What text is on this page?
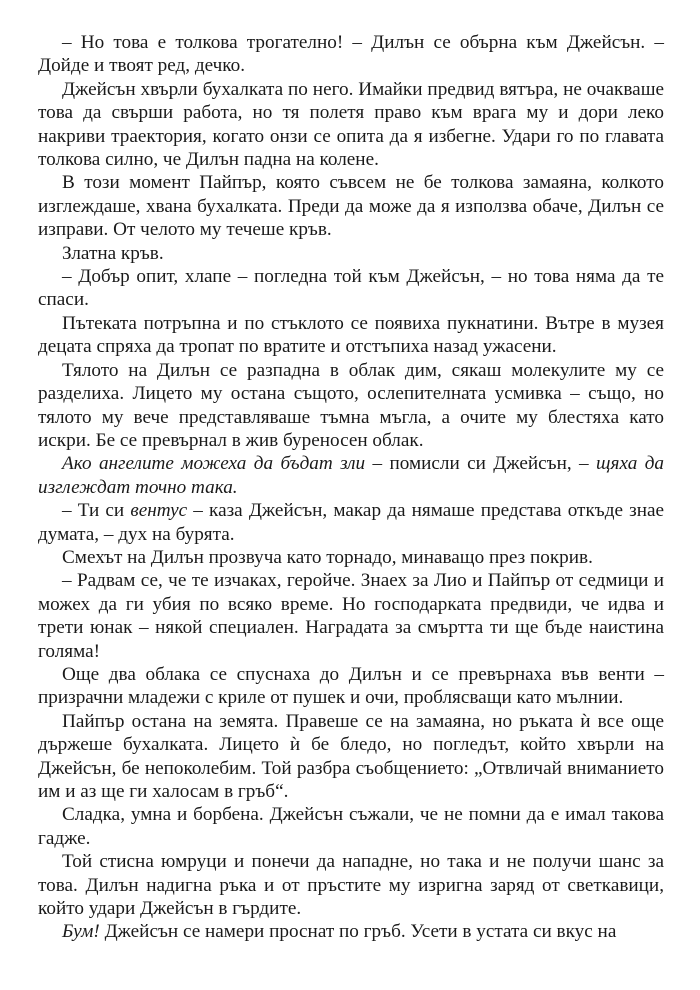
– Но това е толкова трогателно! – Дилън се обърна към Джейсън. – Дойде и твоят ред, дечко.

Джейсън хвърли бухалката по него. Имайки предвид вятъра, не очакваше това да свърши работа, но тя полетя право към врага му и дори леко накриви траектория, когато онзи се опита да я избегне. Удари го по главата толкова силно, че Дилън падна на колене.

В този момент Пайпър, която съвсем не бе толкова замаяна, колкото изглеждаше, хвана бухалката. Преди да може да я използва обаче, Дилън се изправи. От челото му течеше кръв.

Златна кръв.

– Добър опит, хлапе – погледна той към Джейсън, – но това няма да те спаси.

Пътеката потръпна и по стъклото се появиха пукнатини. Вътре в музея децата спряха да тропат по вратите и отстъпиха назад ужасени.

Тялото на Дилън се разпадна в облак дим, сякаш молекулите му се разделиха. Лицето му остана същото, ослепителната усмивка – също, но тялото му вече представляваше тъмна мъгла, а очите му блестяха като искри. Бе се превърнал в жив буреносен облак.

Ако ангелите можеха да бъдат зли – помисли си Джейсън, – щяха да изглеждат точно така.

– Ти си вентус – каза Джейсън, макар да нямаше представа откъде знае думата, – дух на бурята.

Смехът на Дилън прозвуча като торнадо, минаващо през покрив.

– Радвам се, че те изчаках, геройче. Знаех за Лио и Пайпър от седмици и можех да ги убия по всяко време. Но господарката предвиди, че идва и трети юнак – някой специален. Наградата за смъртта ти ще бъде наистина голяма!

Още два облака се спуснаха до Дилън и се превърнаха във венти – призрачни младежи с криле от пушек и очи, проблясващи като мълнии.

Пайпър остана на земята. Правеше се на замаяна, но ръката ѝ все още държеше бухалката. Лицето ѝ бе бледо, но погледът, който хвърли на Джейсън, бе непоколебим. Той разбра съобщението: „Отвличай вниманието им и аз ще ги халосам в гръб“.

Сладка, умна и борбена. Джейсън съжали, че не помни да е имал такова гадже.

Той стисна юмруци и понечи да нападне, но така и не получи шанс за това. Дилън надигна ръка и от пръстите му изригна заряд от светкавици, който удари Джейсън в гърдите.

Бум! Джейсън се намери проснат по гръб. Усети в устата си вкус на
